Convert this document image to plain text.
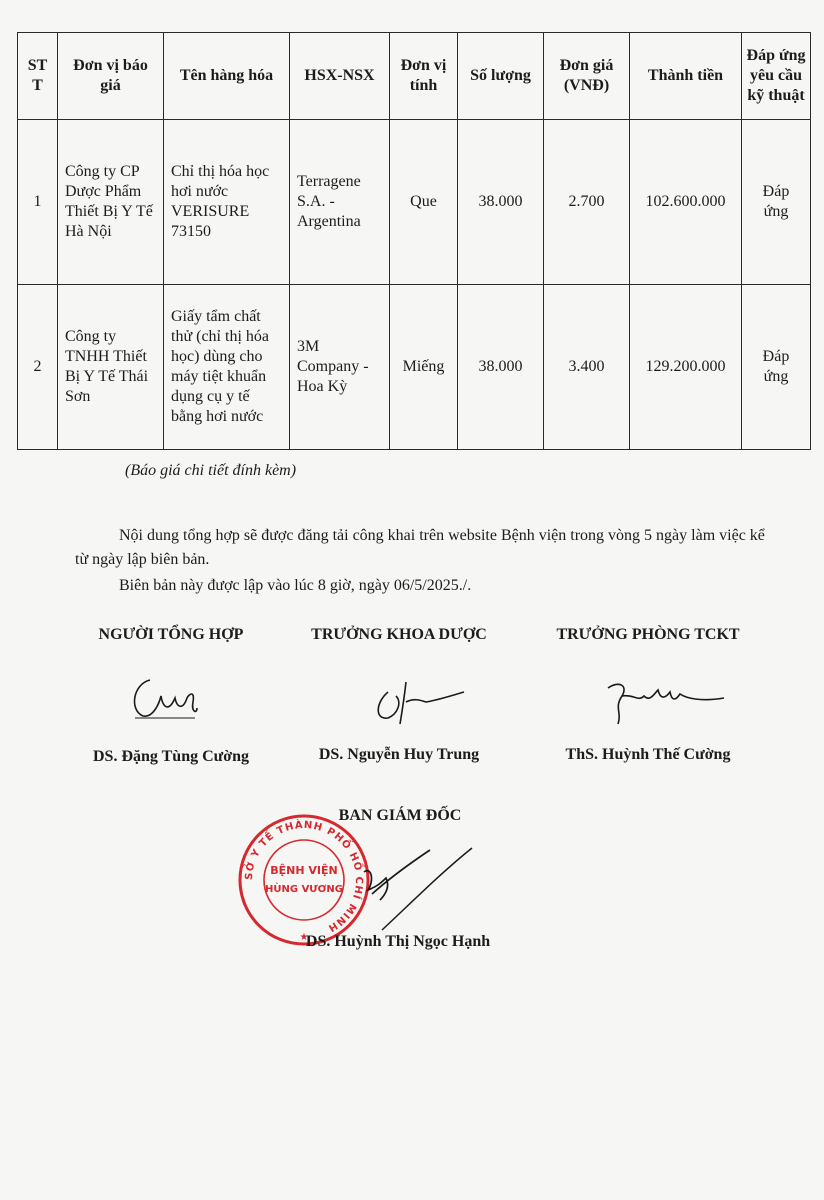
ST T	Đơn vị báo giá	Tên hàng hóa	HSX-NSX	Đơn vị tính	Số lượng	Đơn giá (VNĐ)	Thành tiền	Đáp ứng yêu cầu kỹ thuật
1	Công ty CP Dược Phẩm Thiết Bị Y Tế Hà Nội	Chỉ thị hóa học hơi nước VERISURE 73150	Terragene S.A. - Argentina	Que	38.000	2.700	102.600.000	Đáp ứng
2	Công ty TNHH Thiết Bị Y Tế Thái Sơn	Giấy tẩm chất thử (chỉ thị hóa học) dùng cho máy tiệt khuẩn dụng cụ y tế bằng hơi nước	3M Company - Hoa Kỳ	Miếng	38.000	3.400	129.200.000	Đáp ứng
(Báo giá chi tiết đính kèm)
Nội dung tổng hợp sẽ được đăng tải công khai trên website Bệnh viện trong vòng 5 ngày làm việc kể từ ngày lập biên bản.
Biên bản này được lập vào lúc 8 giờ, ngày 06/5/2025./.
NGƯỜI TỔNG HỢP	TRƯỞNG KHOA DƯỢC	TRƯỞNG PHÒNG TCKT
DS. Đặng Tùng Cường	DS. Nguyễn Huy Trung	ThS. Huỳnh Thế Cường
BAN GIÁM ĐỐC
SỞ Y TẾ THÀNH PHỐ HỒ CHÍ MINH
BỆNH VIỆN
HÙNG VƯƠNG
★
DS. Huỳnh Thị Ngọc Hạnh
